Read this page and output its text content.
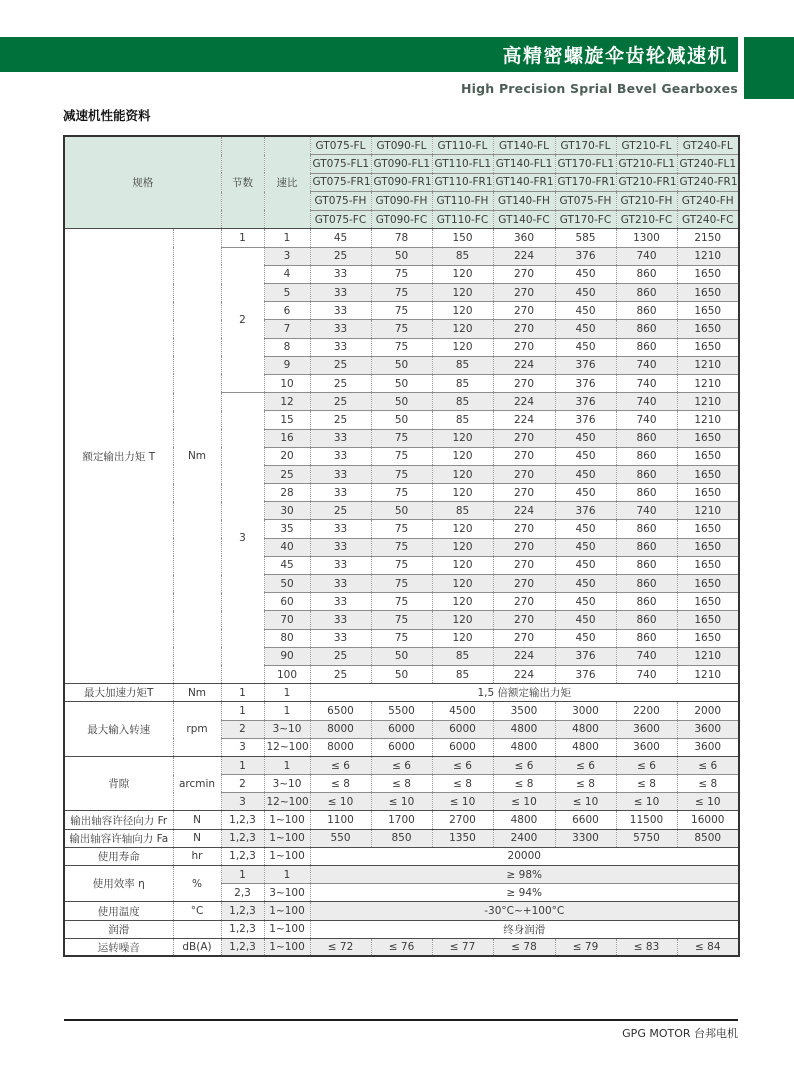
高精密螺旋伞齿轮减速机
High Precision Sprial Bevel Gearboxes
减速机性能资料
规格		节数	速比	GT075-FL	GT090-FL	GT110-FL	GT140-FL	GT170-FL	GT210-FL	GT240-FL
				GT075-FL1	GT090-FL1	GT110-FL1	GT140-FL1	GT170-FL1	GT210-FL1	GT240-FL1
				GT075-FR1	GT090-FR1	GT110-FR1	GT140-FR1	GT170-FR1	GT210-FR1	GT240-FR1
				GT075-FH	GT090-FH	GT110-FH	GT140-FH	GT075-FH	GT210-FH	GT240-FH
				GT075-FC	GT090-FC	GT110-FC	GT140-FC	GT170-FC	GT210-FC	GT240-FC
额定输出力矩 T	Nm	1	1	45	78	150	360	585	1300	2150
		2	3	25	50	85	224	376	740	1210
			4	33	75	120	270	450	860	1650
			5	33	75	120	270	450	860	1650
			6	33	75	120	270	450	860	1650
			7	33	75	120	270	450	860	1650
			8	33	75	120	270	450	860	1650
			9	25	50	85	224	376	740	1210
			10	25	50	85	270	376	740	1210
		3	12	25	50	85	224	376	740	1210
			15	25	50	85	224	376	740	1210
			16	33	75	120	270	450	860	1650
			20	33	75	120	270	450	860	1650
			25	33	75	120	270	450	860	1650
			28	33	75	120	270	450	860	1650
			30	25	50	85	224	376	740	1210
			35	33	75	120	270	450	860	1650
			40	33	75	120	270	450	860	1650
			45	33	75	120	270	450	860	1650
			50	33	75	120	270	450	860	1650
			60	33	75	120	270	450	860	1650
			70	33	75	120	270	450	860	1650
			80	33	75	120	270	450	860	1650
			90	25	50	85	224	376	740	1210
			100	25	50	85	224	376	740	1210
最大加速力矩T	Nm	1	1	1,5 倍额定输出力矩						
最大输入转速	rpm	1	1	6500	5500	4500	3500	3000	2200	2000
		2	3~10	8000	6000	6000	4800	4800	3600	3600
		3	12~100	8000	6000	6000	4800	4800	3600	3600
背隙	arcmin	1	1	≤ 6	≤ 6	≤ 6	≤ 6	≤ 6	≤ 6	≤ 6
		2	3~10	≤ 8	≤ 8	≤ 8	≤ 8	≤ 8	≤ 8	≤ 8
		3	12~100	≤ 10	≤ 10	≤ 10	≤ 10	≤ 10	≤ 10	≤ 10
输出轴容许径向力 Fr	N	1,2,3	1~100	1100	1700	2700	4800	6600	11500	16000
输出轴容许轴向力 Fa	N	1,2,3	1~100	550	850	1350	2400	3300	5750	8500
使用寿命	hr	1,2,3	1~100	20000						
使用效率 η	%	1	1	≥ 98%						
		2,3	3~100	≥ 94%						
使用温度	°C	1,2,3	1~100	-30°C~+100°C						
润滑		1,2,3	1~100	终身润滑						
运转噪音	dB(A)	1,2,3	1~100	≤ 72	≤ 76	≤ 77	≤ 78	≤ 79	≤ 83	≤ 84
GPG MOTOR 台邦电机
